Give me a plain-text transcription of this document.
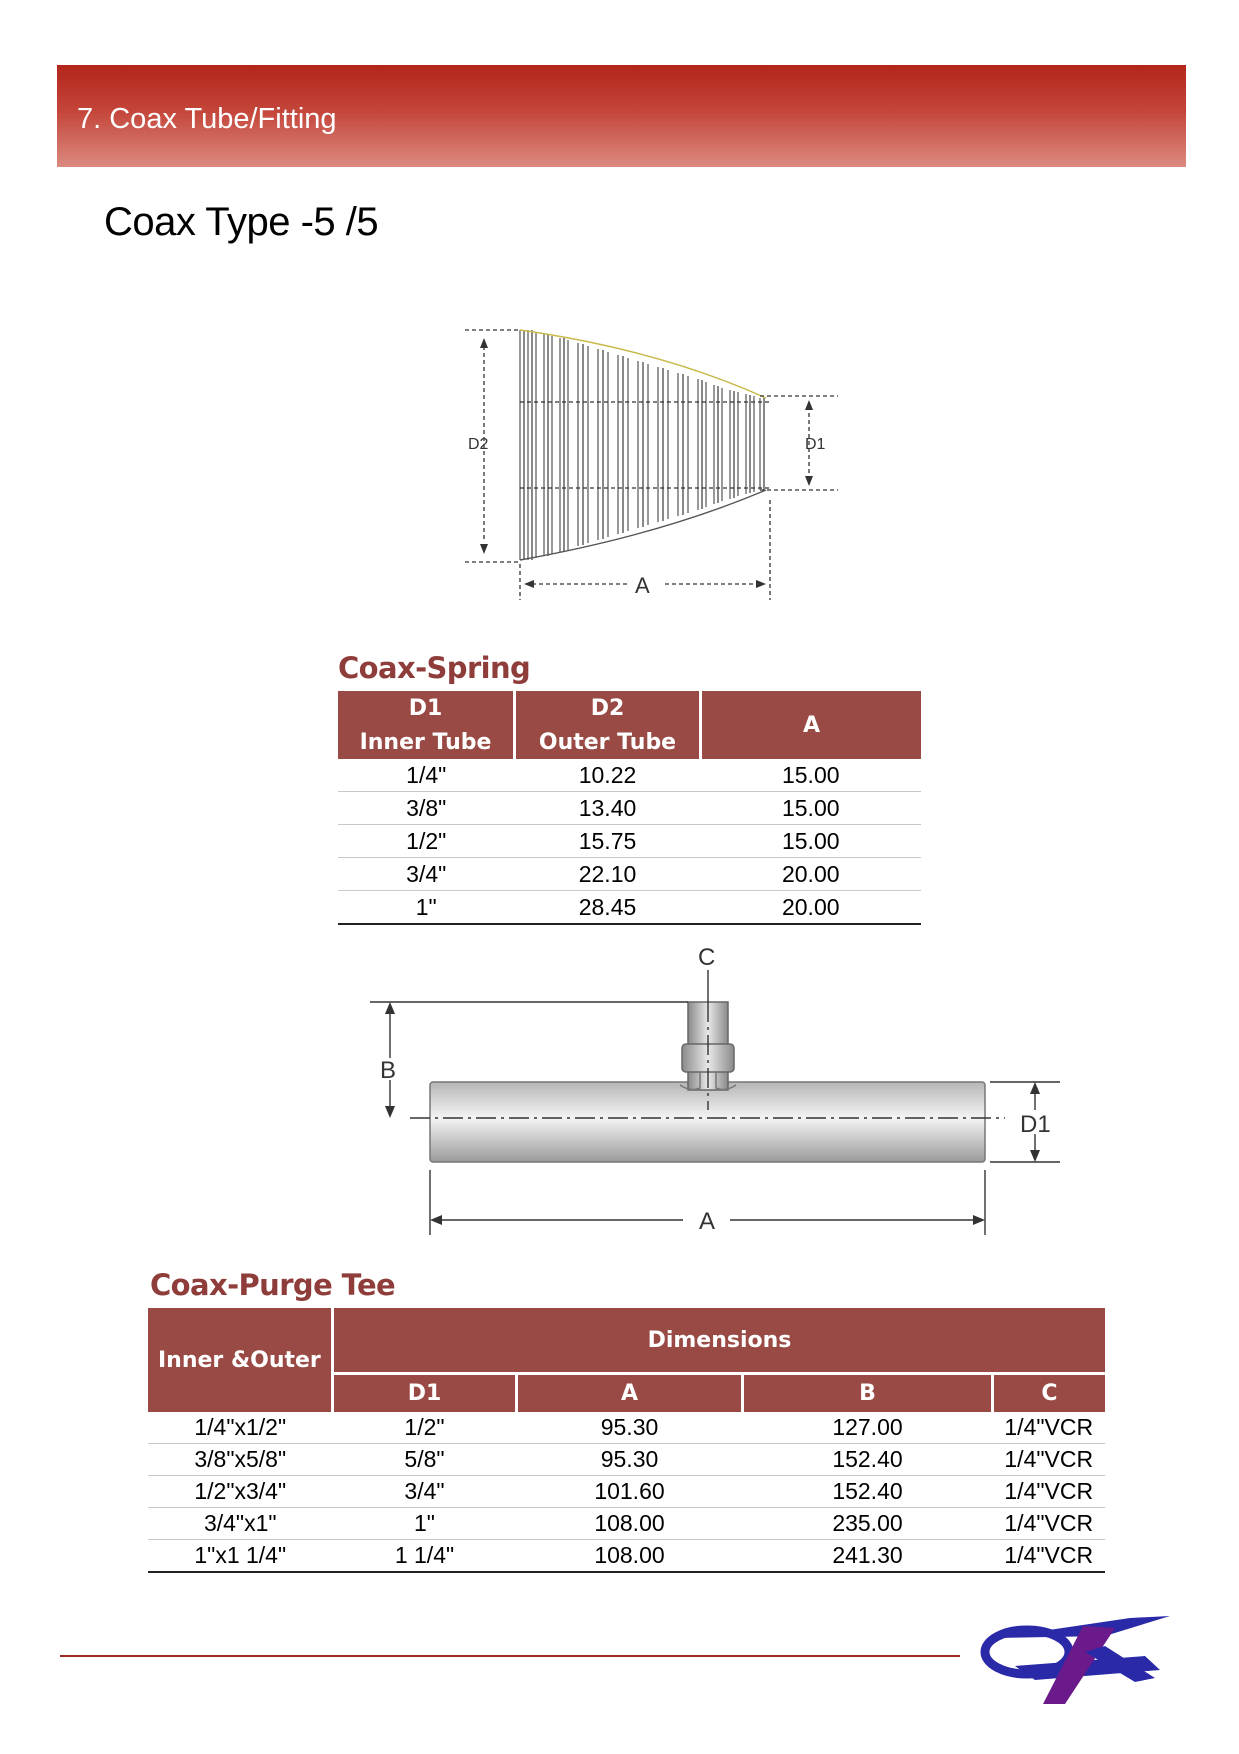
7. Coax Tube/Fitting
Coax Type -5 /5
D2	D1
A
Coax-Spring
D1	D2	A
Inner Tube	Outer Tube	
1/4"	10.22	15.00
3/8"	13.40	15.00
1/2"	15.75	15.00
3/4"	22.10	20.00
1"	28.45	20.00
C
B
D1
A
Coax-Purge Tee
Inner &Outer	Dimensions			
	D1	A	B	C
1/4"x1/2"	1/2"	95.30	127.00	1/4"VCR
3/8"x5/8"	5/8"	95.30	152.40	1/4"VCR
1/2"x3/4"	3/4"	101.60	152.40	1/4"VCR
3/4"x1"	1"	108.00	235.00	1/4"VCR
1"x1 1/4"	1 1/4"	108.00	241.30	1/4"VCR
&
